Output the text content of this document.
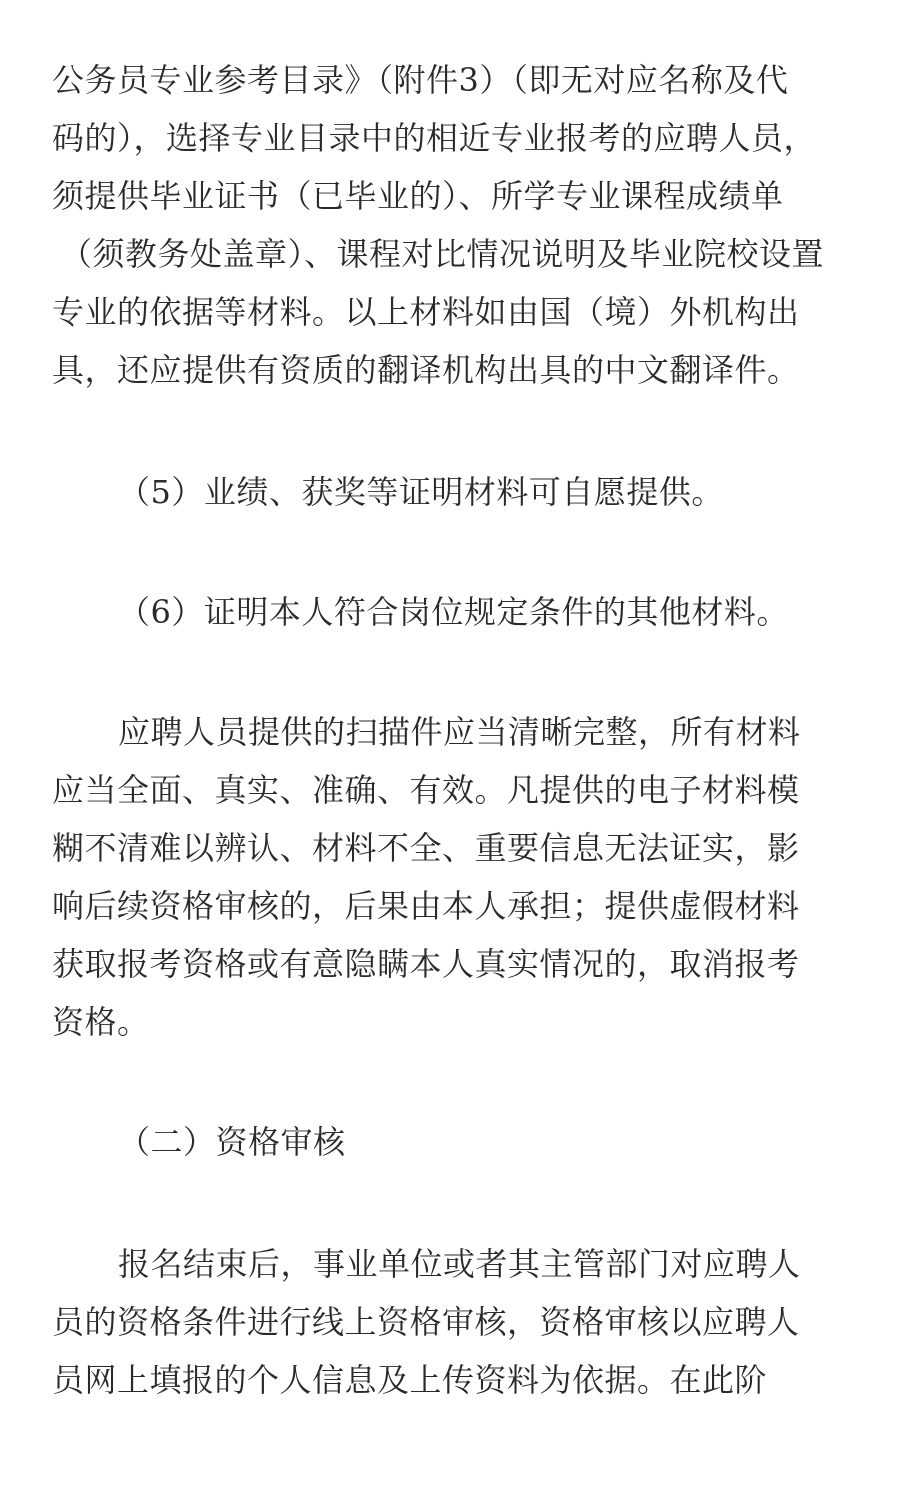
公务员专业参考目录》（附件3）（即无对应名称及代
码的），选择专业目录中的相近专业报考的应聘人员，
须提供毕业证书（已毕业的）、所学专业课程成绩单
（须教务处盖章）、课程对比情况说明及毕业院校设置
专业的依据等材料。以上材料如由国（境）外机构出
具，还应提供有资质的翻译机构出具的中文翻译件。
（5）业绩、获奖等证明材料可自愿提供。
（6）证明本人符合岗位规定条件的其他材料。
应聘人员提供的扫描件应当清晰完整，所有材料
应当全面、真实、准确、有效。凡提供的电子材料模
糊不清难以辨认、材料不全、重要信息无法证实，影
响后续资格审核的，后果由本人承担；提供虚假材料
获取报考资格或有意隐瞒本人真实情况的，取消报考
资格。
（二）资格审核
报名结束后，事业单位或者其主管部门对应聘人
员的资格条件进行线上资格审核，资格审核以应聘人
员网上填报的个人信息及上传资料为依据。在此阶
